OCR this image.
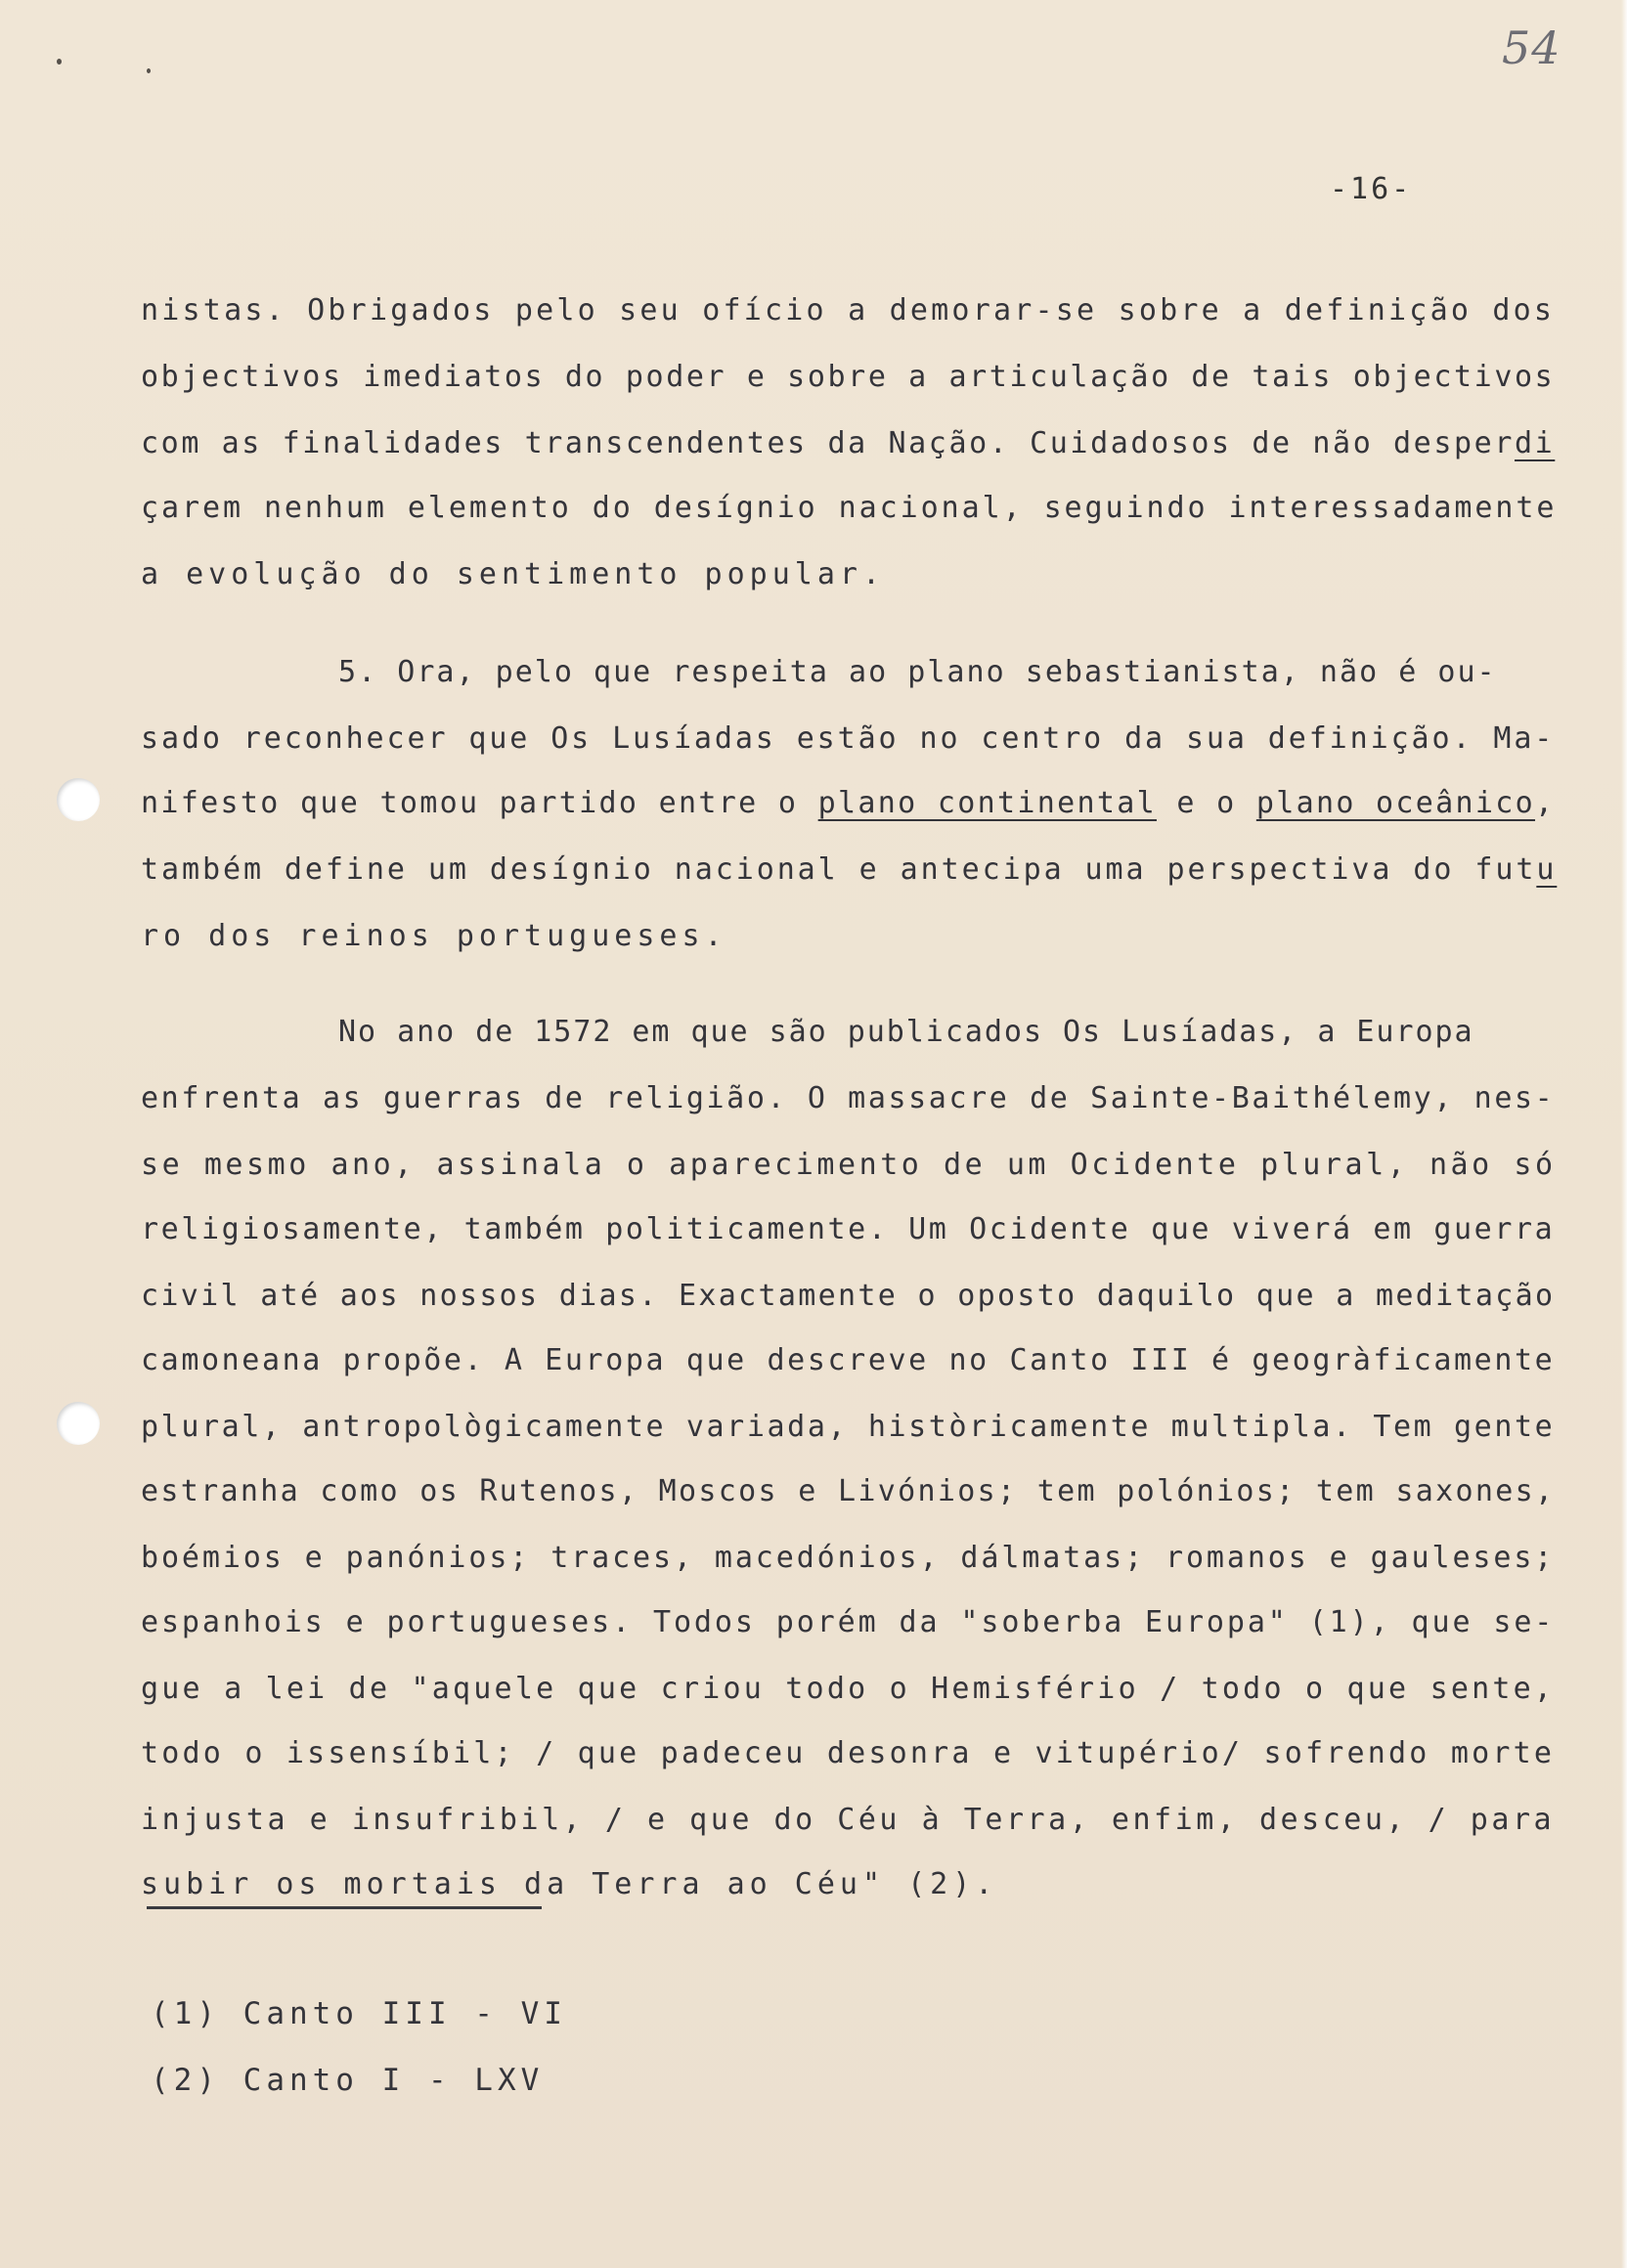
54
-16-
nistas. Obrigados pelo seu ofício a demorar-se sobre a definição dos
objectivos imediatos do poder e sobre a articulação de tais objectivos
com as finalidades transcendentes da Nação. Cuidadosos de não desperdi
çarem nenhum elemento do desígnio nacional, seguindo interessadamente
a evolução do sentimento popular.
5. Ora, pelo que respeita ao plano sebastianista, não é ou-
sado reconhecer que Os Lusíadas estão no centro da sua definição. Ma-
nifesto que tomou partido entre o plano continental e o plano oceânico,
também define um desígnio nacional e antecipa uma perspectiva do futu
ro dos reinos portugueses.
No ano de 1572 em que são publicados Os Lusíadas, a Europa
enfrenta as guerras de religião. O massacre de Sainte-Baithélemy, nes-
se mesmo ano, assinala o aparecimento de um Ocidente plural, não só
religiosamente, também politicamente. Um Ocidente que viverá em guerra
civil até aos nossos dias. Exactamente o oposto daquilo que a meditação
camoneana propõe. A Europa que descreve no Canto III é geogràficamente
plural, antropològicamente variada, històricamente multipla. Tem gente
estranha como os Rutenos, Moscos e Livónios; tem polónios; tem saxones,
boémios e panónios; traces, macedónios, dálmatas; romanos e gauleses;
espanhois e portugueses. Todos porém da "soberba Europa" (1), que se-
gue a lei de "aquele que criou todo o Hemisfério / todo o que sente,
todo o issensíbil; / que padeceu desonra e vitupério/ sofrendo morte
injusta e insufribil, / e que do Céu à Terra, enfim, desceu, / para
subir os mortais da Terra ao Céu" (2).
(1) Canto III - VI
(2) Canto I - LXV
